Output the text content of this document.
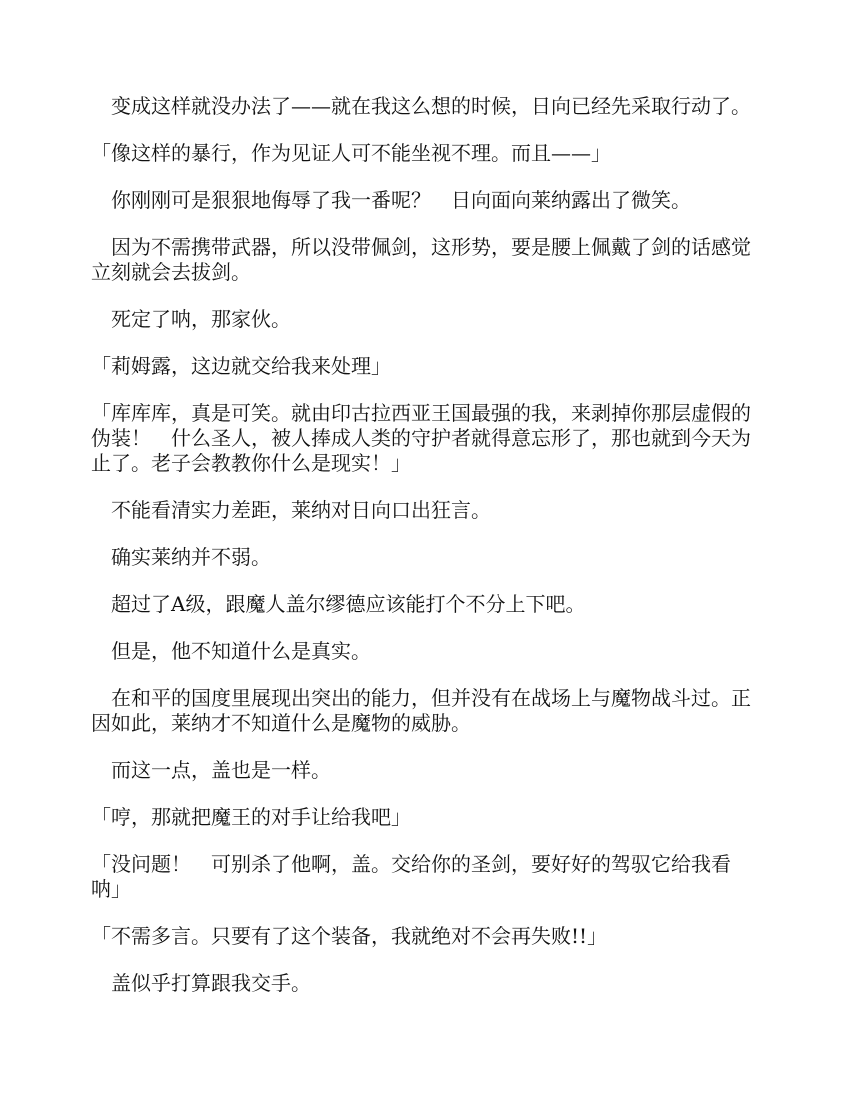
　变成这样就没办法了——就在我这么想的时候，日向已经先采取行动了。

「像这样的暴行，作为见证人可不能坐视不理。而且——」

　你刚刚可是狠狠地侮辱了我一番呢？　日向面向莱纳露出了微笑。

　因为不需携带武器，所以没带佩剑，这形势，要是腰上佩戴了剑的话感觉立刻就会去拔剑。

　死定了呐，那家伙。

「莉姆露，这边就交给我来处理」

「库库库，真是可笑。就由印古拉西亚王国最强的我，来剥掉你那层虚假的伪装！　什么圣人，被人捧成人类的守护者就得意忘形了，那也就到今天为止了。老子会教教你什么是现实！」

　不能看清实力差距，莱纳对日向口出狂言。

　确实莱纳并不弱。

　超过了A级，跟魔人盖尔缪德应该能打个不分上下吧。

　但是，他不知道什么是真实。

　在和平的国度里展现出突出的能力，但并没有在战场上与魔物战斗过。正因如此，莱纳才不知道什么是魔物的威胁。

　而这一点，盖也是一样。

「哼，那就把魔王的对手让给我吧」

「没问题！　可别杀了他啊，盖。交给你的圣剑，要好好的驾驭它给我看呐」

「不需多言。只要有了这个装备，我就绝对不会再失败!!」

　盖似乎打算跟我交手。
